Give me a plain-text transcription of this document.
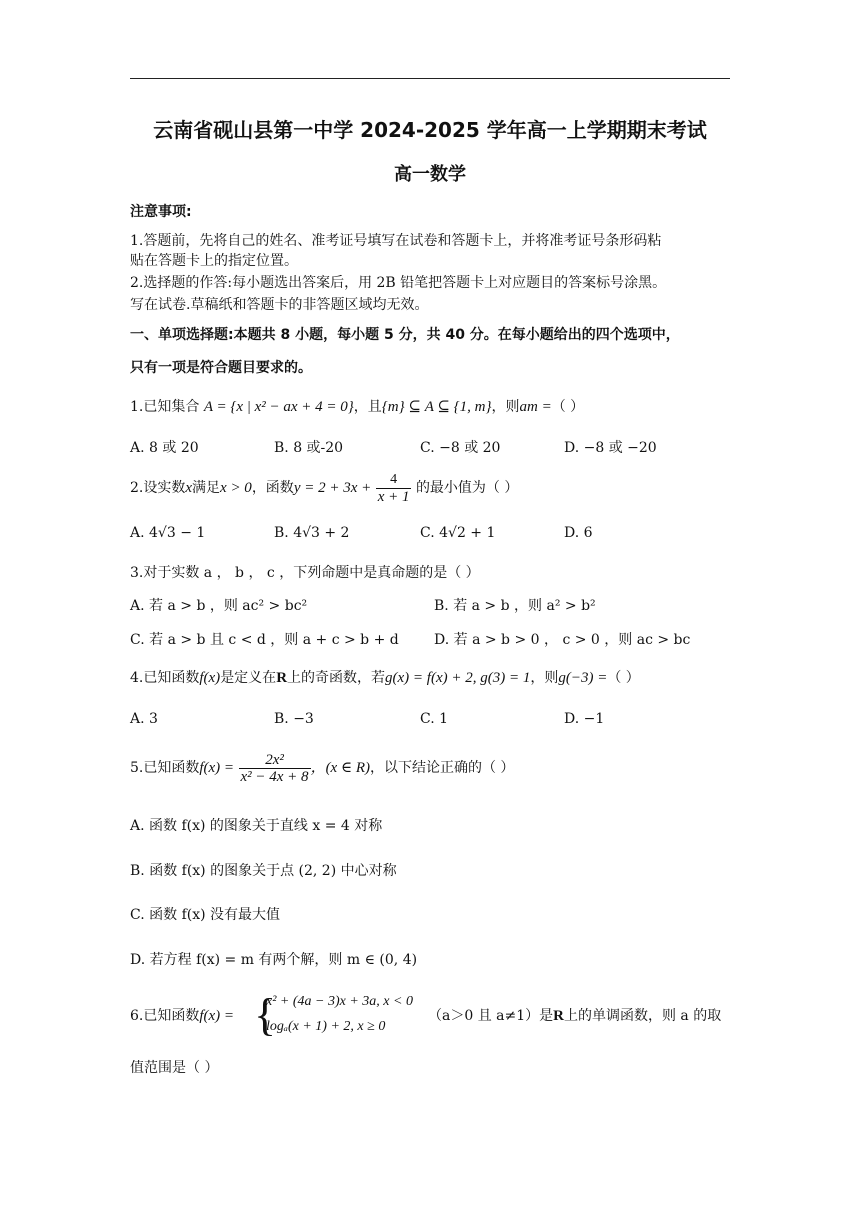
云南省砚山县第一中学 2024-2025 学年高一上学期期末考试
高一数学
注意事项:
1.答题前，先将自己的姓名、准考证号填写在试卷和答题卡上，并将准考证号条形码粘
贴在答题卡上的指定位置。
2.选择题的作答:每小题选出答案后，用 2B 铅笔把答题卡上对应题目的答案标号涂黑。
写在试卷.草稿纸和答题卡的非答题区域均无效。
一、单项选择题:本题共 8 小题，每小题 5 分，共 40 分。在每小题给出的四个选项中，
只有一项是符合题目要求的。
1.已知集合 A = {x | x² − ax + 4 = 0}，且{m} ⊆ A ⊆ {1, m}，则am =（ ）
A. 8 或 20	B. 8 或-20	C. −8 或 20	D. −8 或 −20
2.设实数x满足x > 0，函数$y = 2 + 3x + \frac{4}{x + 1}$ 的最小值为（ ）
A. 4√3 − 1	B. 4√3 + 2	C. 4√2 + 1	D. 6
3.对于实数 a ， b ， c ，下列命题中是真命题的是（ ）
A. 若 a > b ，则 ac² > bc²	B. 若 a > b ，则 a² > b²
C. 若 a > b 且 c < d ，则 a + c > b + d	D. 若 a > b > 0 ， c > 0 ，则 ac > bc
4.已知函数f(x)是定义在R上的奇函数，若g(x) = f(x) + 2, g(3) = 1，则g(−3) =（ ）
A. 3	B. −3	C. 1	D. −1
5.已知函数$f(x) = \frac{\text{2x²}}{\text{x² − 4x + 8}}$ ，(x ∈ R)，以下结论正确的（ ）
A. 函数 f(x) 的图象关于直线 x = 4 对称
B. 函数 f(x) 的图象关于点 (2, 2) 中心对称
C. 函数 f(x) 没有最大值
D. 若方程 f(x) = m 有两个解，则 m ∈ (0, 4)
6.已知函数f(x) = {
x² + (4a − 3)x + 3a, x < 0
logₐ(x + 1) + 2, x ≥ 0
（a＞0 且 a≠1）是R上的单调函数，则 a 的取
值范围是（ ）
